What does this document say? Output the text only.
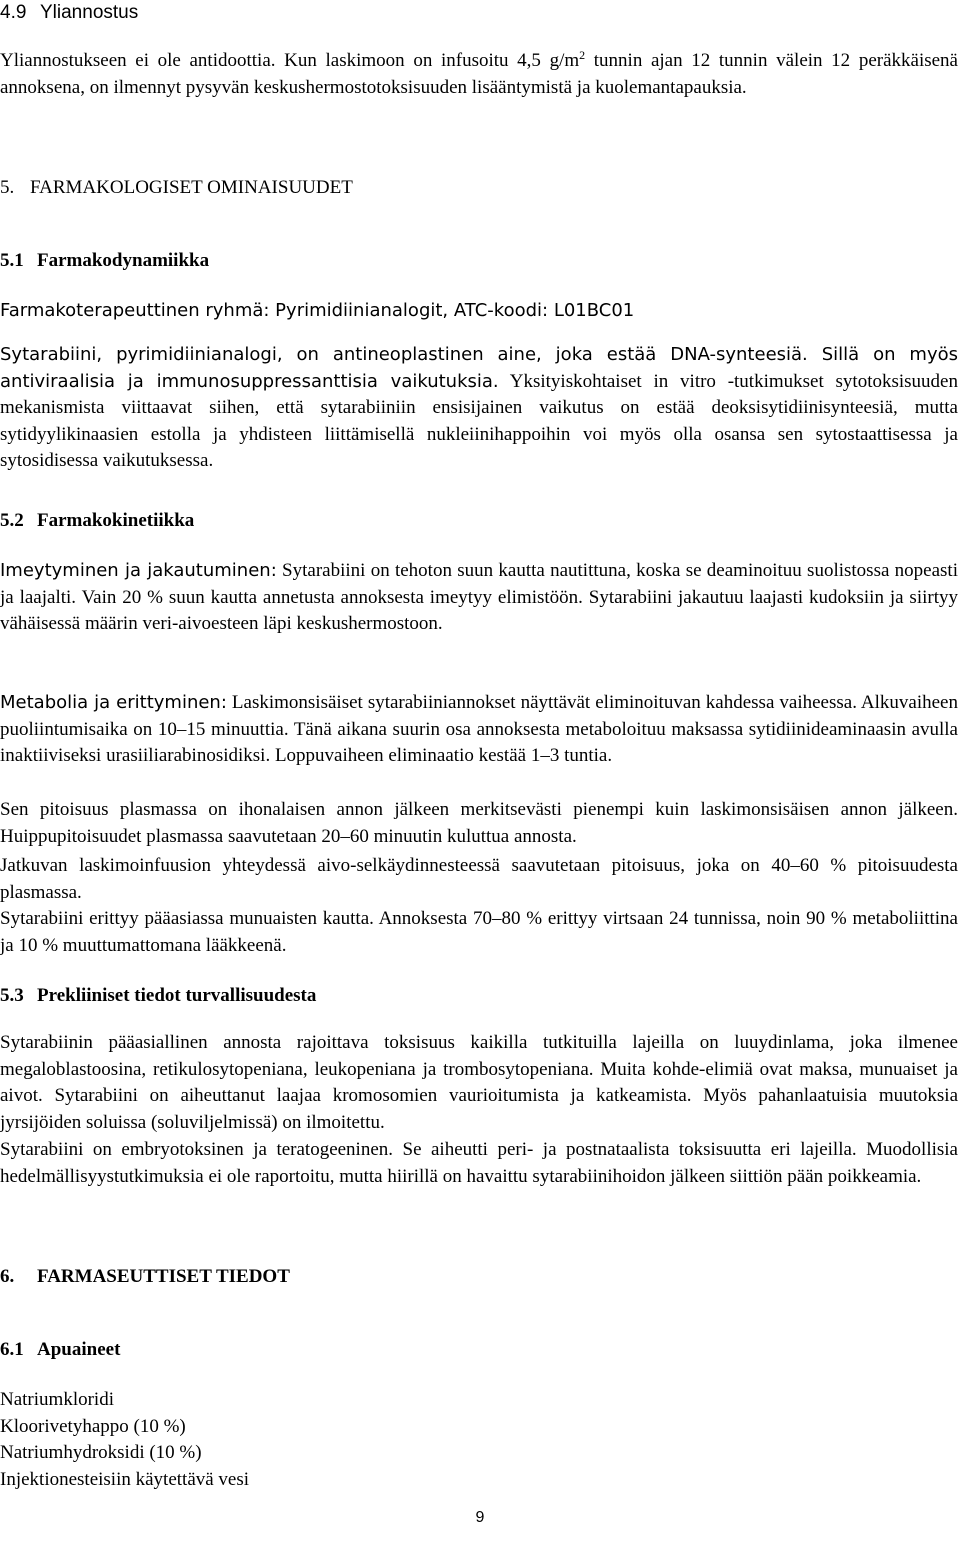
4.9 Yliannostus

Yliannostukseen ei ole antidoottia. Kun laskimoon on infusoitu 4,5 $g/m^2$ tunnin ajan 12 tunnin välein 12 peräkkäisenä annoksena, on ilmennyt pysyvän keskushermostotoksisuuden lisääntymistä ja kuolemantapauksia.

5. FARMAKOLOGISET OMINAISUUDET
5.1 Farmakodynamiikka

Farmakoterapeuttinen ryhmä: Pyrimidiinianalogit, ATC-koodi: L01BC01

Sytarabiini, pyrimidiinianalogi, on antineoplastinen aine, joka estää DNA-synteesiä. Sillä on myös antiviraalisia ja immunosuppressanttisia vaikutuksia. Yksityiskohtaiset in vitro -tutkimukset sytotoksisuuden mekanismista viittaavat siihen, että sytarabiiniin ensisijainen vaikutus on estää deoksisytidiinisynteesiä, mutta sytidyylikinaasien estolla ja yhdisteen liittämisellä nukleiinihappoihin voi myös olla osansa sen sytostaattisessa ja sytosidisessa vaikutuksessa.

5.2 Farmakokinetiikka

Imeytyminen ja jakautuminen: Sytarabiini on tehoton suun kautta nautittuna, koska se deaminoituu suolistossa nopeasti ja laajalti. Vain 20 % suun kautta annetusta annoksesta imeytyy elimistöön. Sytarabiini jakautuu laajasti kudoksiin ja siirtyy vähäisessä määrin veri-aivoesteen läpi keskushermostoon.

Metabolia ja erittyminen: Laskimonsisäiset sytarabiiniannokset näyttävät eliminoituvan kahdessa vaiheessa. Alkuvaiheen puoliintumisaika on 10–15 minuuttia. Tänä aikana suurin osa annoksesta metaboloituu maksassa sytidiinideaminaasin avulla inaktiiviseksi urasiiliarabinosidiksi. Loppuvaiheen eliminaatio kestää 1–3 tuntia.

Sen pitoisuus plasmassa on ihonalaisen annon jälkeen merkitsevästi pienempi kuin laskimonsisäisen annon jälkeen. Huippupitoisuudet plasmassa saavutetaan 20–60 minuutin kuluttua annosta.

Jatkuvan laskimoinfuusion yhteydessä aivo-selkäydinnesteessä saavutetaan pitoisuus, joka on 40–60 % pitoisuudesta plasmassa.

Sytarabiini erittyy pääasiassa munuaisten kautta. Annoksesta 70–80 % erittyy virtsaan 24 tunnissa, noin 90 % metaboliittina ja 10 % muuttumattomana lääkkeenä.

5.3 Prekliiniset tiedot turvallisuudesta

Sytarabiinin pääasiallinen annosta rajoittava toksisuus kaikilla tutkituilla lajeilla on luuydinlama, joka ilmenee megaloblastoosina, retikulosytopeniana, leukopeniana ja trombosytopeniana. Muita kohde-elimiä ovat maksa, munuaiset ja aivot. Sytarabiini on aiheuttanut laajaa kromosomien vaurioitumista ja katkeamista. Myös pahanlaatuisia muutoksia jyrsijöiden soluissa (soluviljelmissä) on ilmoitettu.

Sytarabiini on embryotoksinen ja teratogeeninen. Se aiheutti peri- ja postnataalista toksisuutta eri lajeilla. Muodollisia hedelmällisyystutkimuksia ei ole raportoitu, mutta hiirillä on havaittu sytarabiinihoidon jälkeen siittiön pään poikkeamia.

6. FARMASEUTTISET TIEDOT
6.1 Apuaineet
Natriumkloridi
Kloorivetyhappo (10 %)
Natriumhydroksidi (10 %)
Injektionesteisiin käytettävä vesi
9
